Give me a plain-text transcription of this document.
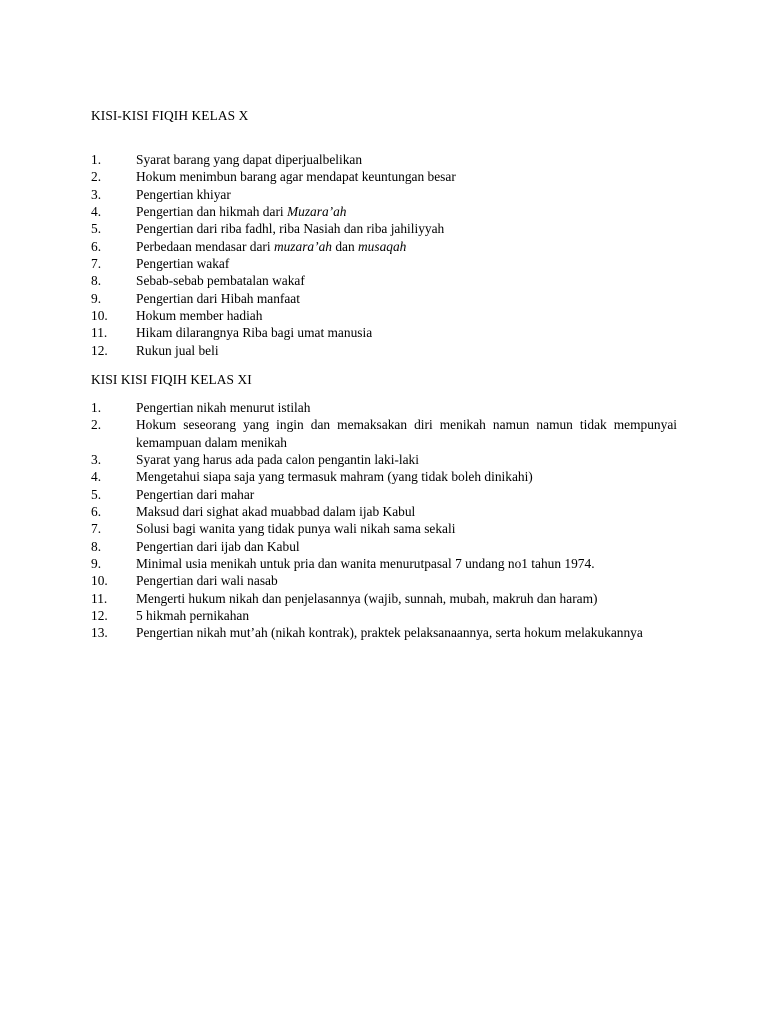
KISI-KISI FIQIH KELAS X
1.	Syarat barang yang dapat diperjualbelikan
2.	Hokum menimbun barang agar mendapat keuntungan besar
3.	Pengertian khiyar
4.	Pengertian dan hikmah dari Muzara’ah
5.	Pengertian dari riba fadhl, riba Nasiah dan riba jahiliyyah
6.	Perbedaan mendasar dari muzara’ah dan musaqah
7.	Pengertian wakaf
8.	Sebab-sebab pembatalan wakaf
9.	Pengertian dari Hibah manfaat
10.	Hokum member hadiah
11.	Hikam dilarangnya Riba bagi umat manusia
12.	Rukun jual beli
KISI KISI FIQIH KELAS XI
1.	Pengertian nikah menurut istilah
2.	Hokum seseorang yang ingin dan memaksakan diri menikah namun namun tidak mempunyai kemampuan dalam menikah
3.	Syarat yang harus ada pada calon pengantin laki-laki
4.	Mengetahui siapa saja yang termasuk mahram (yang tidak boleh dinikahi)
5.	Pengertian dari mahar
6.	Maksud dari sighat akad muabbad dalam ijab Kabul
7.	Solusi bagi wanita yang tidak punya wali nikah sama sekali
8.	Pengertian dari ijab dan Kabul
9.	Minimal usia menikah untuk pria dan wanita menurutpasal 7 undang no1 tahun 1974.
10.	Pengertian dari wali nasab
11.	Mengerti hukum nikah dan penjelasannya (wajib, sunnah, mubah, makruh dan haram)
12.	5 hikmah pernikahan
13.	Pengertian nikah mut’ah (nikah kontrak), praktek pelaksanaannya, serta hokum melakukannya
